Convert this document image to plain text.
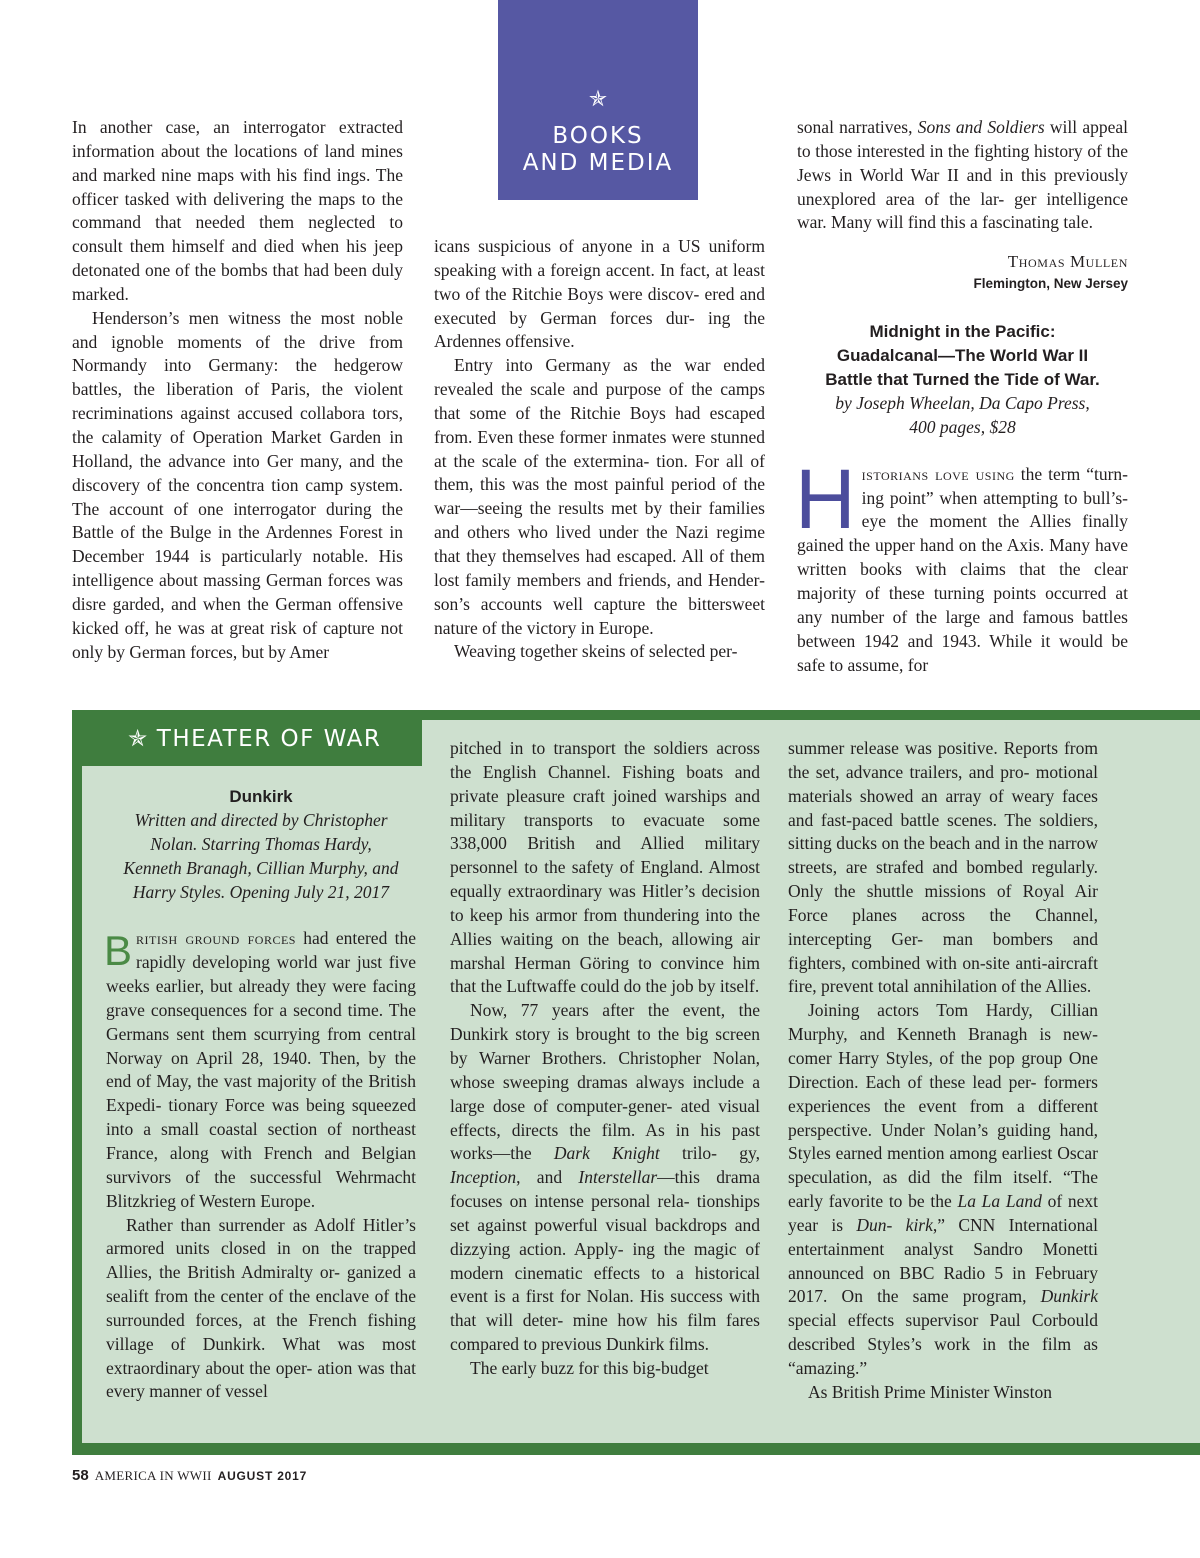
✯
BOOKS
AND MEDIA

In another case, an interrogator extracted information about the locations of land mines and marked nine maps with his find ings. The officer tasked with delivering the maps to the command that needed them neglected to consult them himself and died when his jeep detonated one of the bombs that had been duly marked.

Henderson’s men witness the most noble and ignoble moments of the drive from Normandy into Germany: the hedgerow battles, the liberation of Paris, the violent recriminations against accused collabora tors, the calamity of Operation Market Garden in Holland, the advance into Ger many, and the discovery of the concentra tion camp system. The account of one interrogator during the Battle of the Bulge in the Ardennes Forest in December 1944 is particularly notable. His intelligence about massing German forces was disre garded, and when the German offensive kicked off, he was at great risk of capture not only by German forces, but by Amer

icans suspicious of anyone in a US uniform speaking with a foreign accent. In fact, at least two of the Ritchie Boys were discov- ered and executed by German forces dur- ing the Ardennes offensive.

Entry into Germany as the war ended revealed the scale and purpose of the camps that some of the Ritchie Boys had escaped from. Even these former inmates were stunned at the scale of the extermina- tion. For all of them, this was the most painful period of the war—seeing the results met by their families and others who lived under the Nazi regime that they themselves had escaped. All of them lost family members and friends, and Hender- son’s accounts well capture the bittersweet nature of the victory in Europe.

Weaving together skeins of selected per-

sonal narratives, Sons and Soldiers will appeal to those interested in the fighting history of the Jews in World War II and in this previously unexplored area of the lar- ger intelligence war. Many will find this a fascinating tale.

Thomas Mullen

Flemington, New Jersey

Midnight in the Pacific:
Guadalcanal—The World War II
Battle that Turned the Tide of War.

by Joseph Wheelan, Da Capo Press,
400 pages, $28

Historians love using the term “turn- ing point” when attempting to bull’s- eye the moment the Allies finally gained the upper hand on the Axis. Many have written books with claims that the clear majority of these turning points occurred at any number of the large and famous battles between 1942 and 1943. While it would be safe to assume, for

✯ THEATER OF WAR

Dunkirk

Written and directed by Christopher
Nolan. Starring Thomas Hardy,
Kenneth Branagh, Cillian Murphy, and
Harry Styles. Opening July 21, 2017

British ground forces had entered the rapidly developing world war just five weeks earlier, but already they were facing grave consequences for a second time. The Germans sent them scurrying from central Norway on April 28, 1940. Then, by the end of May, the vast majority of the British Expedi- tionary Force was being squeezed into a small coastal section of northeast France, along with French and Belgian survivors of the successful Wehrmacht Blitzkrieg of Western Europe.

Rather than surrender as Adolf Hitler’s armored units closed in on the trapped Allies, the British Admiralty or- ganized a sealift from the center of the enclave of the surrounded forces, at the French fishing village of Dunkirk. What was most extraordinary about the oper- ation was that every manner of vessel

pitched in to transport the soldiers across the English Channel. Fishing boats and private pleasure craft joined warships and military transports to evacuate some 338,000 British and Allied military personnel to the safety of England. Almost equally extraordinary was Hitler’s decision to keep his armor from thundering into the Allies waiting on the beach, allowing air marshal Herman Göring to convince him that the Luftwaffe could do the job by itself.

Now, 77 years after the event, the Dunkirk story is brought to the big screen by Warner Brothers. Christopher Nolan, whose sweeping dramas always include a large dose of computer-gener- ated visual effects, directs the film. As in his past works—the Dark Knight trilo- gy, Inception, and Interstellar—this drama focuses on intense personal rela- tionships set against powerful visual backdrops and dizzying action. Apply- ing the magic of modern cinematic effects to a historical event is a first for Nolan. His success with that will deter- mine how his film fares compared to previous Dunkirk films.

The early buzz for this big-budget

summer release was positive. Reports from the set, advance trailers, and pro- motional materials showed an array of weary faces and fast-paced battle scenes. The soldiers, sitting ducks on the beach and in the narrow streets, are strafed and bombed regularly. Only the shuttle missions of Royal Air Force planes across the Channel, intercepting Ger- man bombers and fighters, combined with on-site anti-aircraft fire, prevent total annihilation of the Allies.

Joining actors Tom Hardy, Cillian Murphy, and Kenneth Branagh is new- comer Harry Styles, of the pop group One Direction. Each of these lead per- formers experiences the event from a different perspective. Under Nolan’s guiding hand, Styles earned mention among earliest Oscar speculation, as did the film itself. “The early favorite to be the La La Land of next year is Dun- kirk,” CNN International entertainment analyst Sandro Monetti announced on BBC Radio 5 in February 2017. On the same program, Dunkirk special effects supervisor Paul Corbould described Styles’s work in the film as “amazing.”

As British Prime Minister Winston

58 AMERICA IN WWII AUGUST 2017
